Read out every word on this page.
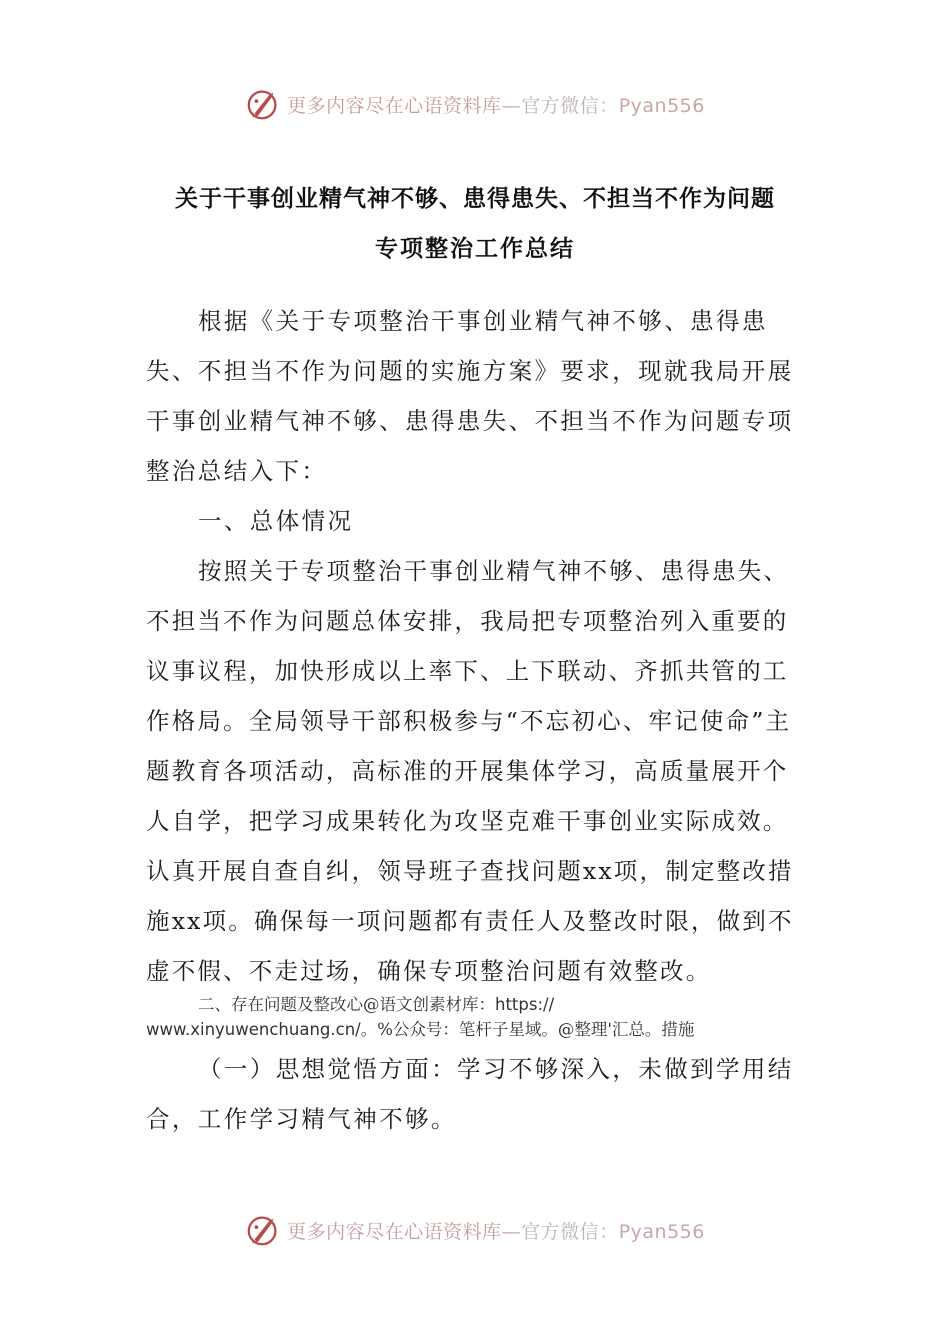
更多内容尽在心语资料库—官方微信：Pyan556
关于干事创业精气神不够、患得患失、不担当不作为问题
专项整治工作总结

根据《关于专项整治干事创业精气神不够、患得患失、不担当不作为问题的实施方案》要求，现就我局开展干事创业精气神不够、患得患失、不担当不作为问题专项整治总结入下：

一、总体情况

按照关于专项整治干事创业精气神不够、患得患失、不担当不作为问题总体安排，我局把专项整治列入重要的议事议程，加快形成以上率下、上下联动、齐抓共管的工作格局。全局领导干部积极参与“不忘初心、牢记使命”主题教育各项活动，高标准的开展集体学习，高质量展开个人自学，把学习成果转化为攻坚克难干事创业实际成效。认真开展自查自纠，领导班子查找问题xx项，制定整改措施xx项。确保每一项问题都有责任人及整改时限，做到不虚不假、不走过场，确保专项整治问题有效整改。

二、存在问题及整改心@语文创素材库：https://
www.xinyuwenchuang.cn/。%公众号：笔杆子星域。@整理'汇总。措施

（一）思想觉悟方面：学习不够深入，未做到学用结合，工作学习精气神不够。

更多内容尽在心语资料库—官方微信：Pyan556
